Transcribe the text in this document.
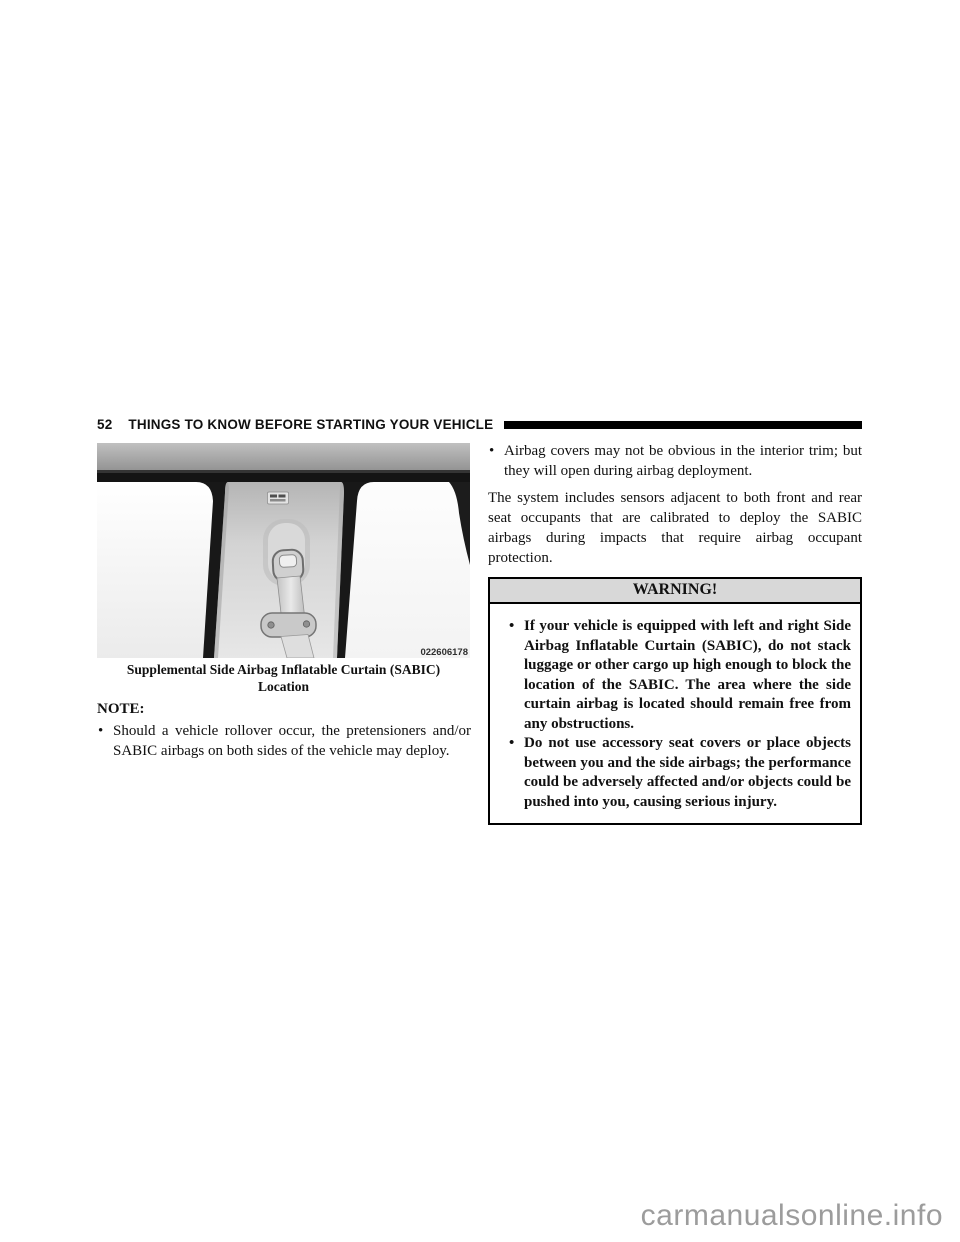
52 THINGS TO KNOW BEFORE STARTING YOUR VEHICLE
022606178
Supplemental Side Airbag Inflatable Curtain (SABIC)
Location
NOTE:
• Should a vehicle rollover occur, the pretensioners and/or SABIC airbags on both sides of the vehicle may deploy.
• Airbag covers may not be obvious in the interior trim; but they will open during airbag deployment.
The system includes sensors adjacent to both front and rear seat occupants that are calibrated to deploy the SABIC airbags during impacts that require airbag occupant protection.
WARNING!
• If your vehicle is equipped with left and right Side Airbag Inflatable Curtain (SABIC), do not stack luggage or other cargo up high enough to block the location of the SABIC. The area where the side curtain airbag is located should remain free from any obstructions.
• Do not use accessory seat covers or place objects between you and the side airbags; the performance could be adversely affected and/or objects could be pushed into you, causing serious injury.
carmanualsonline.info
